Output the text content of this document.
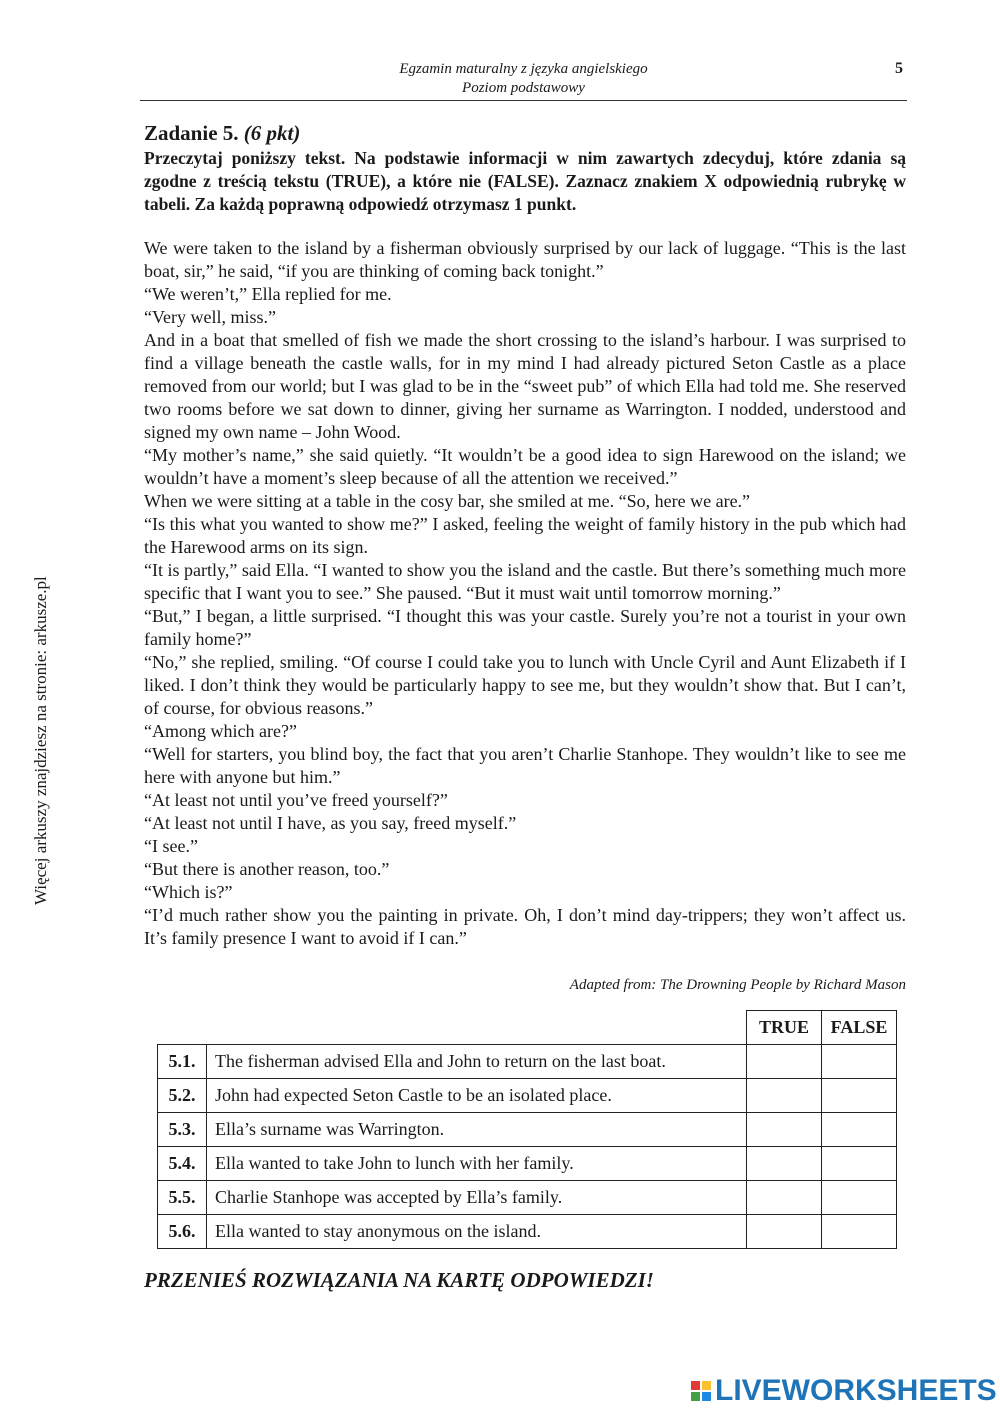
Egzamin maturalny z języka angielskiego
Poziom podstawowy
5
Zadanie 5. (6 pkt)
Przeczytaj poniższy tekst. Na podstawie informacji w nim zawartych zdecyduj, które zdania są zgodne z treścią tekstu (TRUE), a które nie (FALSE). Zaznacz znakiem X odpowiednią rubrykę w tabeli. Za każdą poprawną odpowiedź otrzymasz 1 punkt.

We were taken to the island by a fisherman obviously surprised by our lack of luggage. “This is the last boat, sir,” he said, “if you are thinking of coming back tonight.”

“We weren’t,” Ella replied for me.

“Very well, miss.”

And in a boat that smelled of fish we made the short crossing to the island’s harbour. I was surprised to find a village beneath the castle walls, for in my mind I had already pictured Seton Castle as a place removed from our world; but I was glad to be in the “sweet pub” of which Ella had told me. She reserved two rooms before we sat down to dinner, giving her surname as Warrington. I nodded, understood and signed my own name – John Wood.

“My mother’s name,” she said quietly. “It wouldn’t be a good idea to sign Harewood on the island; we wouldn’t have a moment’s sleep because of all the attention we received.”

When we were sitting at a table in the cosy bar, she smiled at me. “So, here we are.”

“Is this what you wanted to show me?” I asked, feeling the weight of family history in the pub which had the Harewood arms on its sign.

“It is partly,” said Ella. “I wanted to show you the island and the castle. But there’s something much more specific that I want you to see.” She paused. “But it must wait until tomorrow morning.”

“But,” I began, a little surprised. “I thought this was your castle. Surely you’re not a tourist in your own family home?”

“No,” she replied, smiling. “Of course I could take you to lunch with Uncle Cyril and Aunt Elizabeth if I liked. I don’t think they would be particularly happy to see me, but they wouldn’t show that. But I can’t, of course, for obvious reasons.”

“Among which are?”

“Well for starters, you blind boy, the fact that you aren’t Charlie Stanhope. They wouldn’t like to see me here with anyone but him.”

“At least not until you’ve freed yourself?”

“At least not until I have, as you say, freed myself.”

“I see.”

“But there is another reason, too.”

“Which is?”

“I’d much rather show you the painting in private. Oh, I don’t mind day-trippers; they won’t affect us. It’s family presence I want to avoid if I can.”

Adapted from: The Drowning People by Richard Mason
Więcej arkuszy znajdziesz na stronie: arkusze.pl
		TRUE	FALSE
5.1.	The fisherman advised Ella and John to return on the last boat.		
5.2.	John had expected Seton Castle to be an isolated place.		
5.3.	Ella’s surname was Warrington.		
5.4.	Ella wanted to take John to lunch with her family.		
5.5.	Charlie Stanhope was accepted by Ella’s family.		
5.6.	Ella wanted to stay anonymous on the island.		
PRZENIEŚ ROZWIĄZANIA NA KARTĘ ODPOWIEDZI!
LIVEWORKSHEETS
